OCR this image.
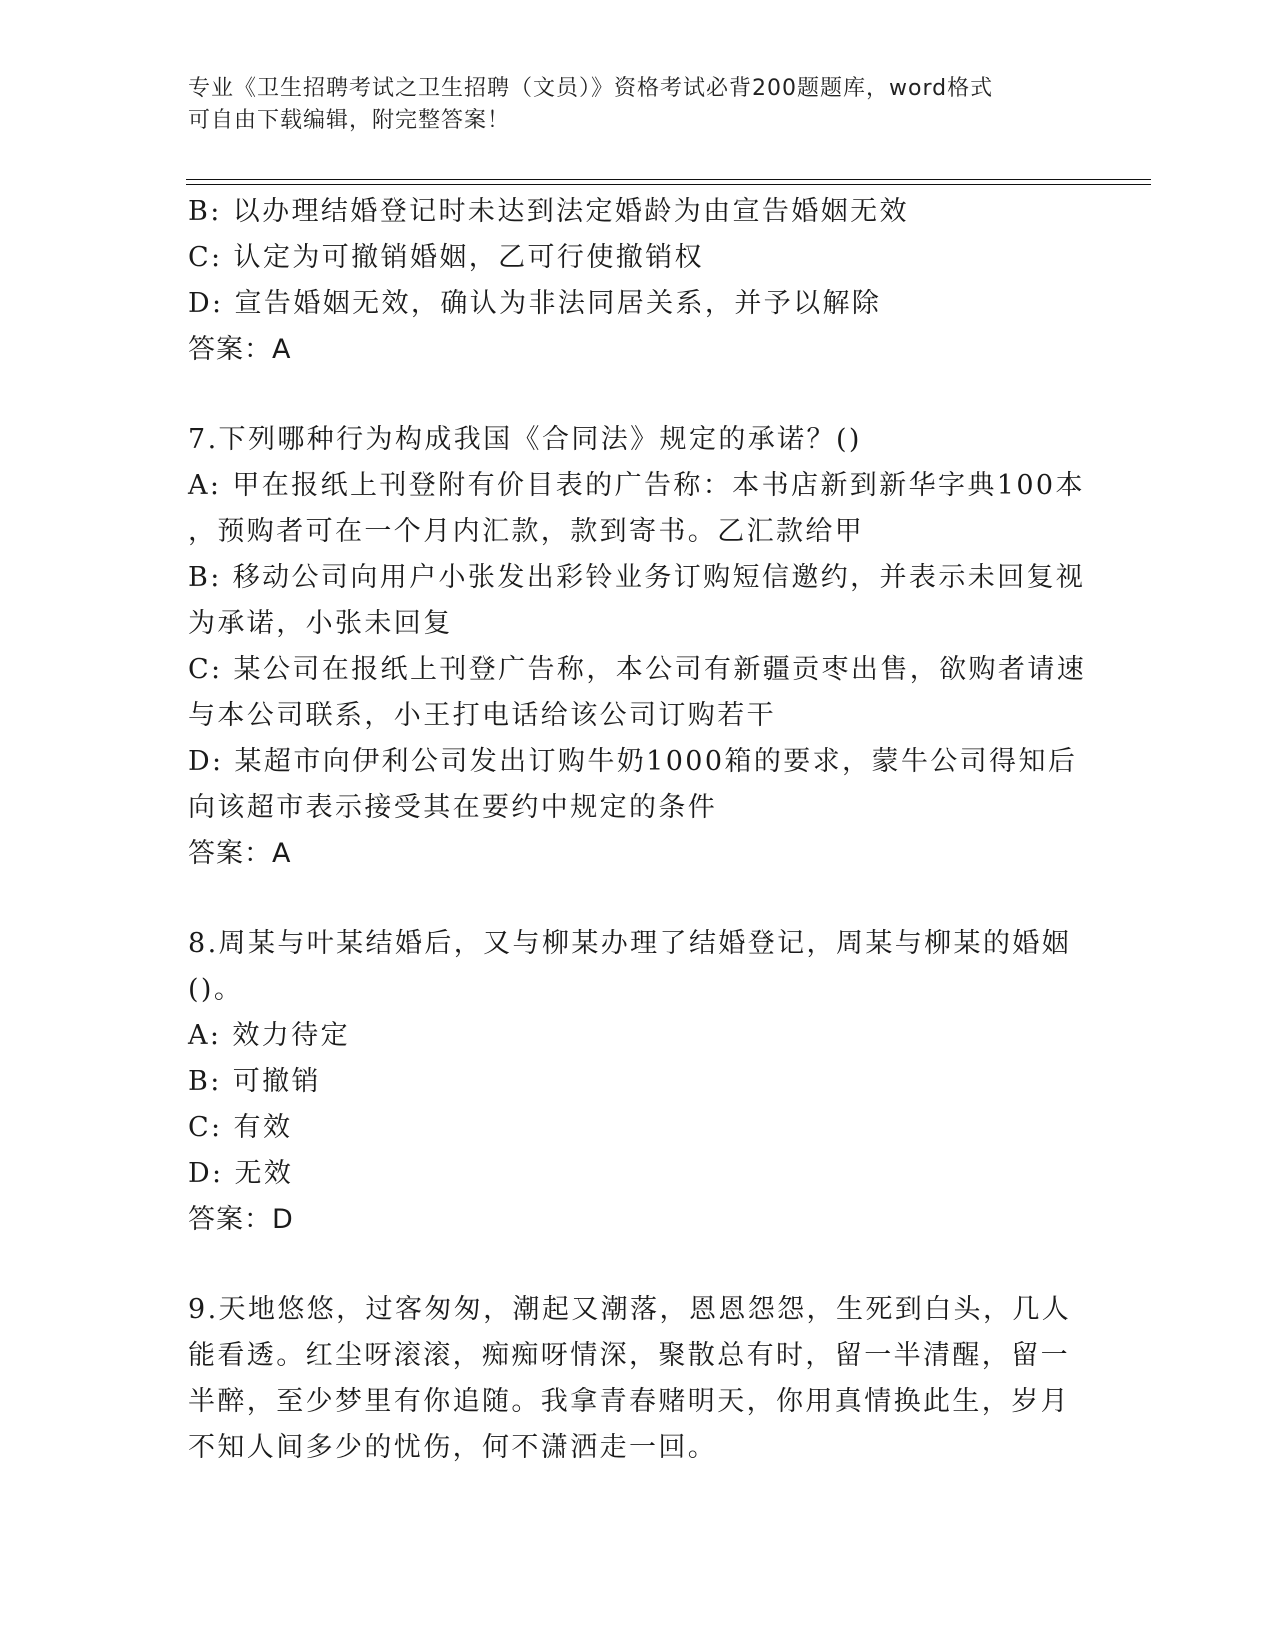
专业《卫生招聘考试之卫生招聘（文员）》资格考试必背200题题库，word格式
可自由下载编辑，附完整答案！
B: 以办理结婚登记时未达到法定婚龄为由宣告婚姻无效
C: 认定为可撤销婚姻，乙可行使撤销权
D: 宣告婚姻无效，确认为非法同居关系，并予以解除
答案：A
7.下列哪种行为构成我国《合同法》规定的承诺？()
A: 甲在报纸上刊登附有价目表的广告称：本书店新到新华字典100本
，预购者可在一个月内汇款，款到寄书。乙汇款给甲
B: 移动公司向用户小张发出彩铃业务订购短信邀约，并表示未回复视
为承诺，小张未回复
C: 某公司在报纸上刊登广告称，本公司有新疆贡枣出售，欲购者请速
与本公司联系，小王打电话给该公司订购若干
D: 某超市向伊利公司发出订购牛奶1000箱的要求，蒙牛公司得知后
向该超市表示接受其在要约中规定的条件
答案：A
8.周某与叶某结婚后，又与柳某办理了结婚登记，周某与柳某的婚姻
()。
A: 效力待定
B: 可撤销
C: 有效
D: 无效
答案：D
9.天地悠悠，过客匆匆，潮起又潮落，恩恩怨怨，生死到白头，几人
能看透。红尘呀滚滚，痴痴呀情深，聚散总有时，留一半清醒，留一
半醉，至少梦里有你追随。我拿青春赌明天，你用真情换此生，岁月
不知人间多少的忧伤，何不潇洒走一回。
